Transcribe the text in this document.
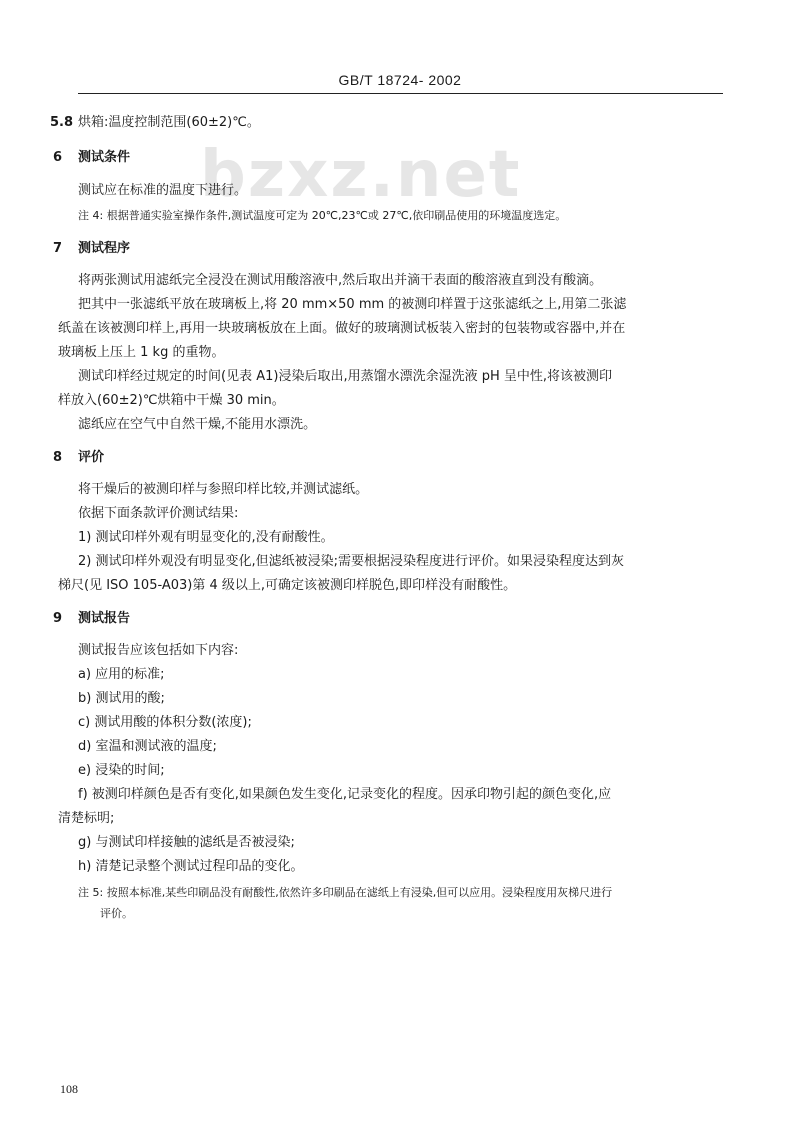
bzxz.net
GB/T 18724- 2002
5.8 烘箱:温度控制范围(60±2)℃。
6 测试条件
测试应在标准的温度下进行。
注 4: 根据普通实验室操作条件,测试温度可定为 20℃,23℃或 27℃,依印刷品使用的环境温度选定。
7 测试程序
将两张测试用滤纸完全浸没在测试用酸溶液中,然后取出并滴干表面的酸溶液直到没有酸滴。
把其中一张滤纸平放在玻璃板上,将 20 mm×50 mm 的被测印样置于这张滤纸之上,用第二张滤
纸盖在该被测印样上,再用一块玻璃板放在上面。做好的玻璃测试板装入密封的包装物或容器中,并在
玻璃板上压上 1 kg 的重物。
测试印样经过规定的时间(见表 A1)浸染后取出,用蒸馏水漂洗余湿洗液 pH 呈中性,将该被测印
样放入(60±2)℃烘箱中干燥 30 min。
滤纸应在空气中自然干燥,不能用水漂洗。
8 评价
将干燥后的被测印样与参照印样比较,并测试滤纸。
依据下面条款评价测试结果:
1) 测试印样外观有明显变化的,没有耐酸性。
2) 测试印样外观没有明显变化,但滤纸被浸染;需要根据浸染程度进行评价。如果浸染程度达到灰
梯尺(见 ISO 105-A03)第 4 级以上,可确定该被测印样脱色,即印样没有耐酸性。
9 测试报告
测试报告应该包括如下内容:
a) 应用的标准;
b) 测试用的酸;
c) 测试用酸的体积分数(浓度);
d) 室温和测试液的温度;
e) 浸染的时间;
f) 被测印样颜色是否有变化,如果颜色发生变化,记录变化的程度。因承印物引起的颜色变化,应
清楚标明;
g) 与测试印样接触的滤纸是否被浸染;
h) 清楚记录整个测试过程印品的变化。
注 5: 按照本标准,某些印刷品没有耐酸性,依然许多印刷品在滤纸上有浸染,但可以应用。浸染程度用灰梯尺进行
评价。
108
